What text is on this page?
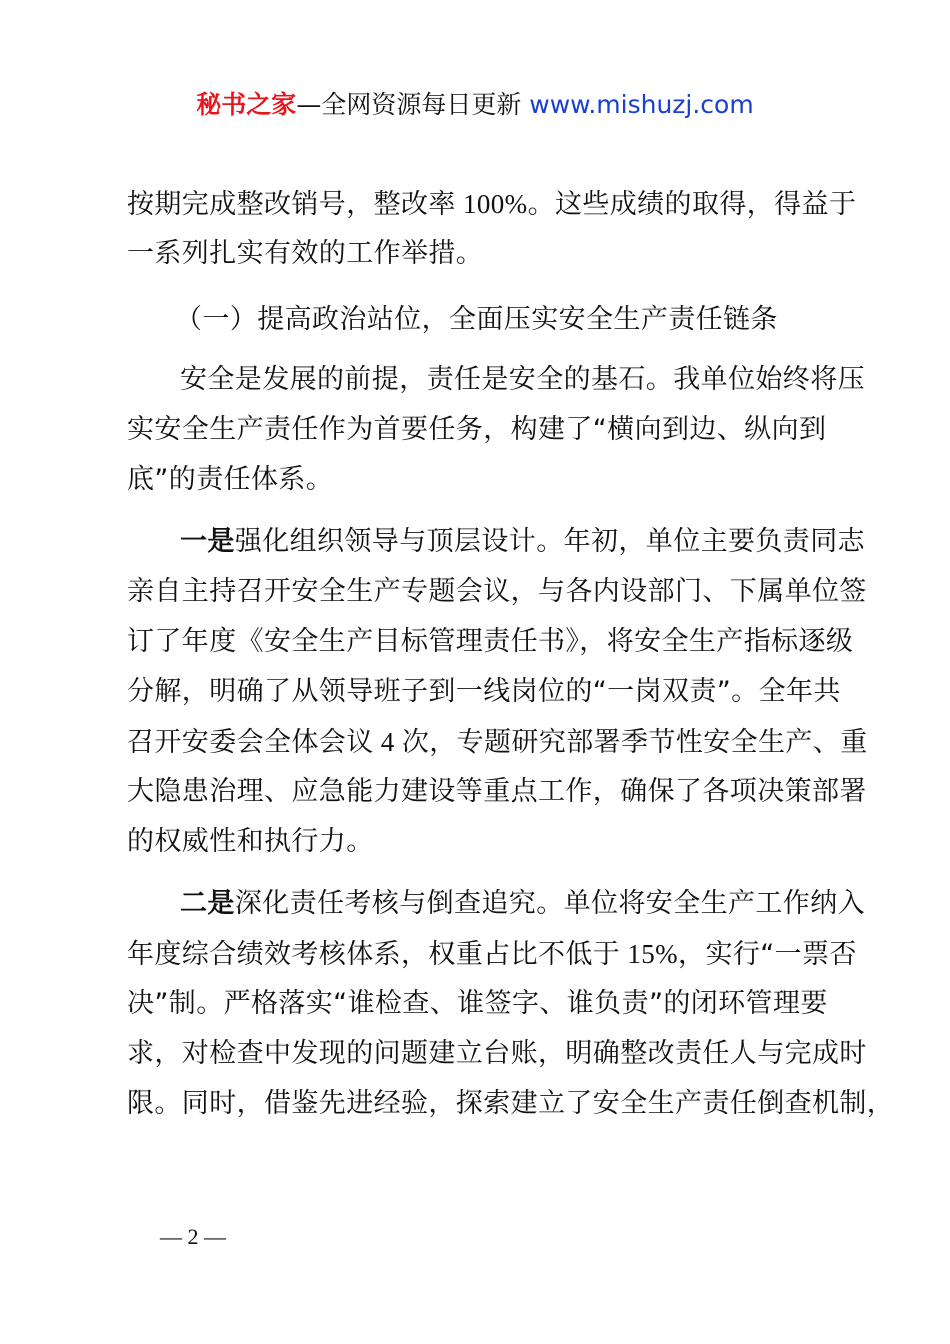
秘书之家—全网资源每日更新 www.mishuzj.com
按期完成整改销号，整改率 100%。这些成绩的取得，得益于
一系列扎实有效的工作举措。
（一）提高政治站位，全面压实安全生产责任链条
安全是发展的前提，责任是安全的基石。我单位始终将压
实安全生产责任作为首要任务，构建了“横向到边、纵向到
底”的责任体系。
一是强化组织领导与顶层设计。年初，单位主要负责同志
亲自主持召开安全生产专题会议，与各内设部门、下属单位签
订了年度《安全生产目标管理责任书》，将安全生产指标逐级
分解，明确了从领导班子到一线岗位的“一岗双责”。全年共
召开安委会全体会议 4 次，专题研究部署季节性安全生产、重
大隐患治理、应急能力建设等重点工作，确保了各项决策部署
的权威性和执行力。
二是深化责任考核与倒查追究。单位将安全生产工作纳入
年度综合绩效考核体系，权重占比不低于 15%，实行“一票否
决”制。严格落实“谁检查、谁签字、谁负责”的闭环管理要
求，对检查中发现的问题建立台账，明确整改责任人与完成时
限。同时，借鉴先进经验，探索建立了安全生产责任倒查机制，
— 2 —
